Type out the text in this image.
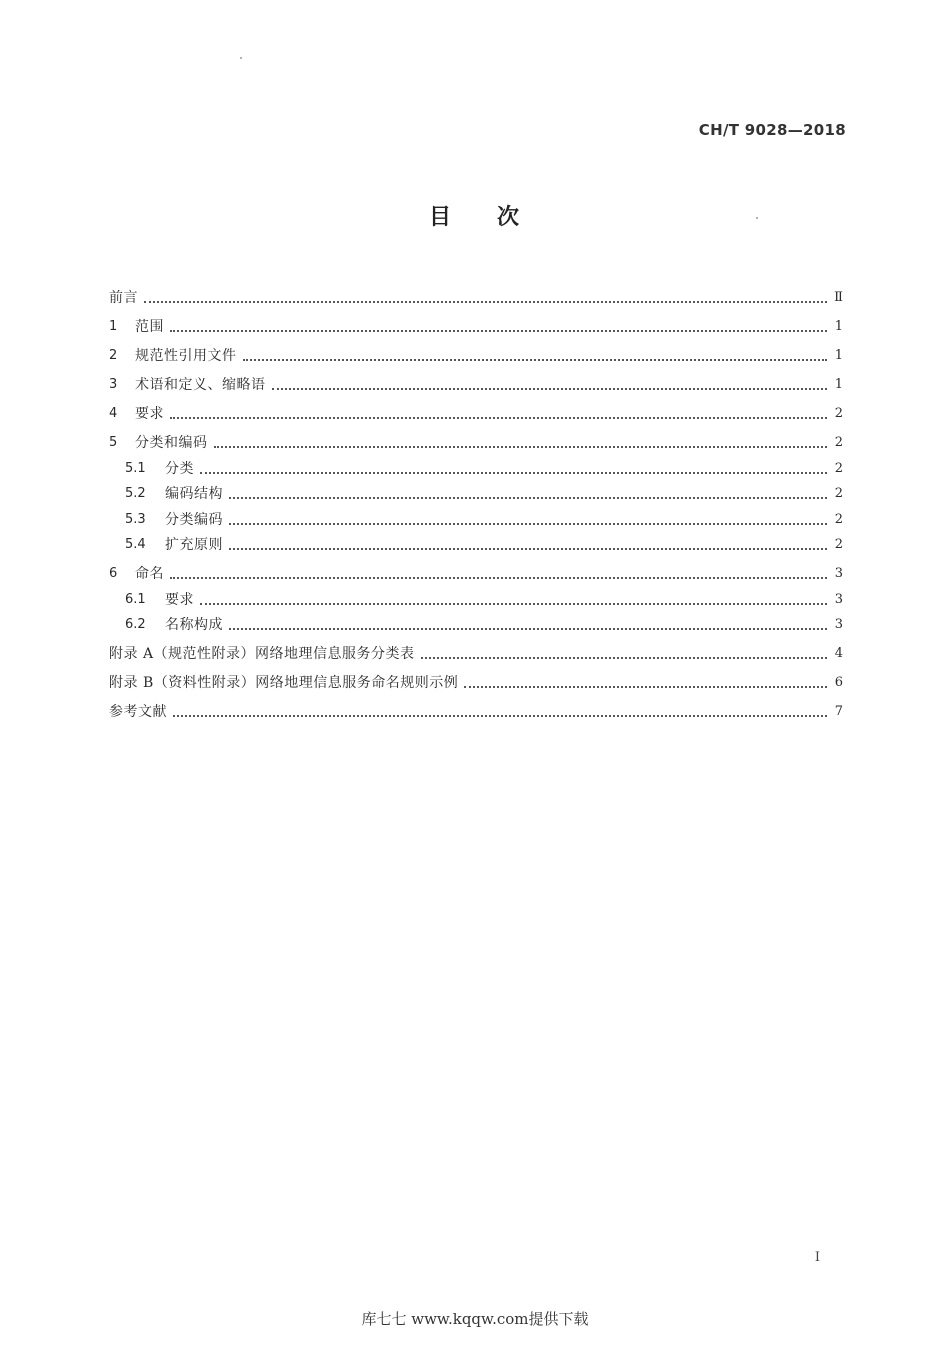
CH/T 9028—2018
目 次
前言	Ⅱ
1	范围	1
2	规范性引用文件	1
3	术语和定义、缩略语	1
4	要求	2
5	分类和编码	2
5.1	分类	2
5.2	编码结构	2
5.3	分类编码	2
5.4	扩充原则	2
6	命名	3
6.1	要求	3
6.2	名称构成	3
附录 A（规范性附录）网络地理信息服务分类表	4
附录 B（资料性附录）网络地理信息服务命名规则示例	6
参考文献	7
I
库七七 www.kqqw.com提供下载
